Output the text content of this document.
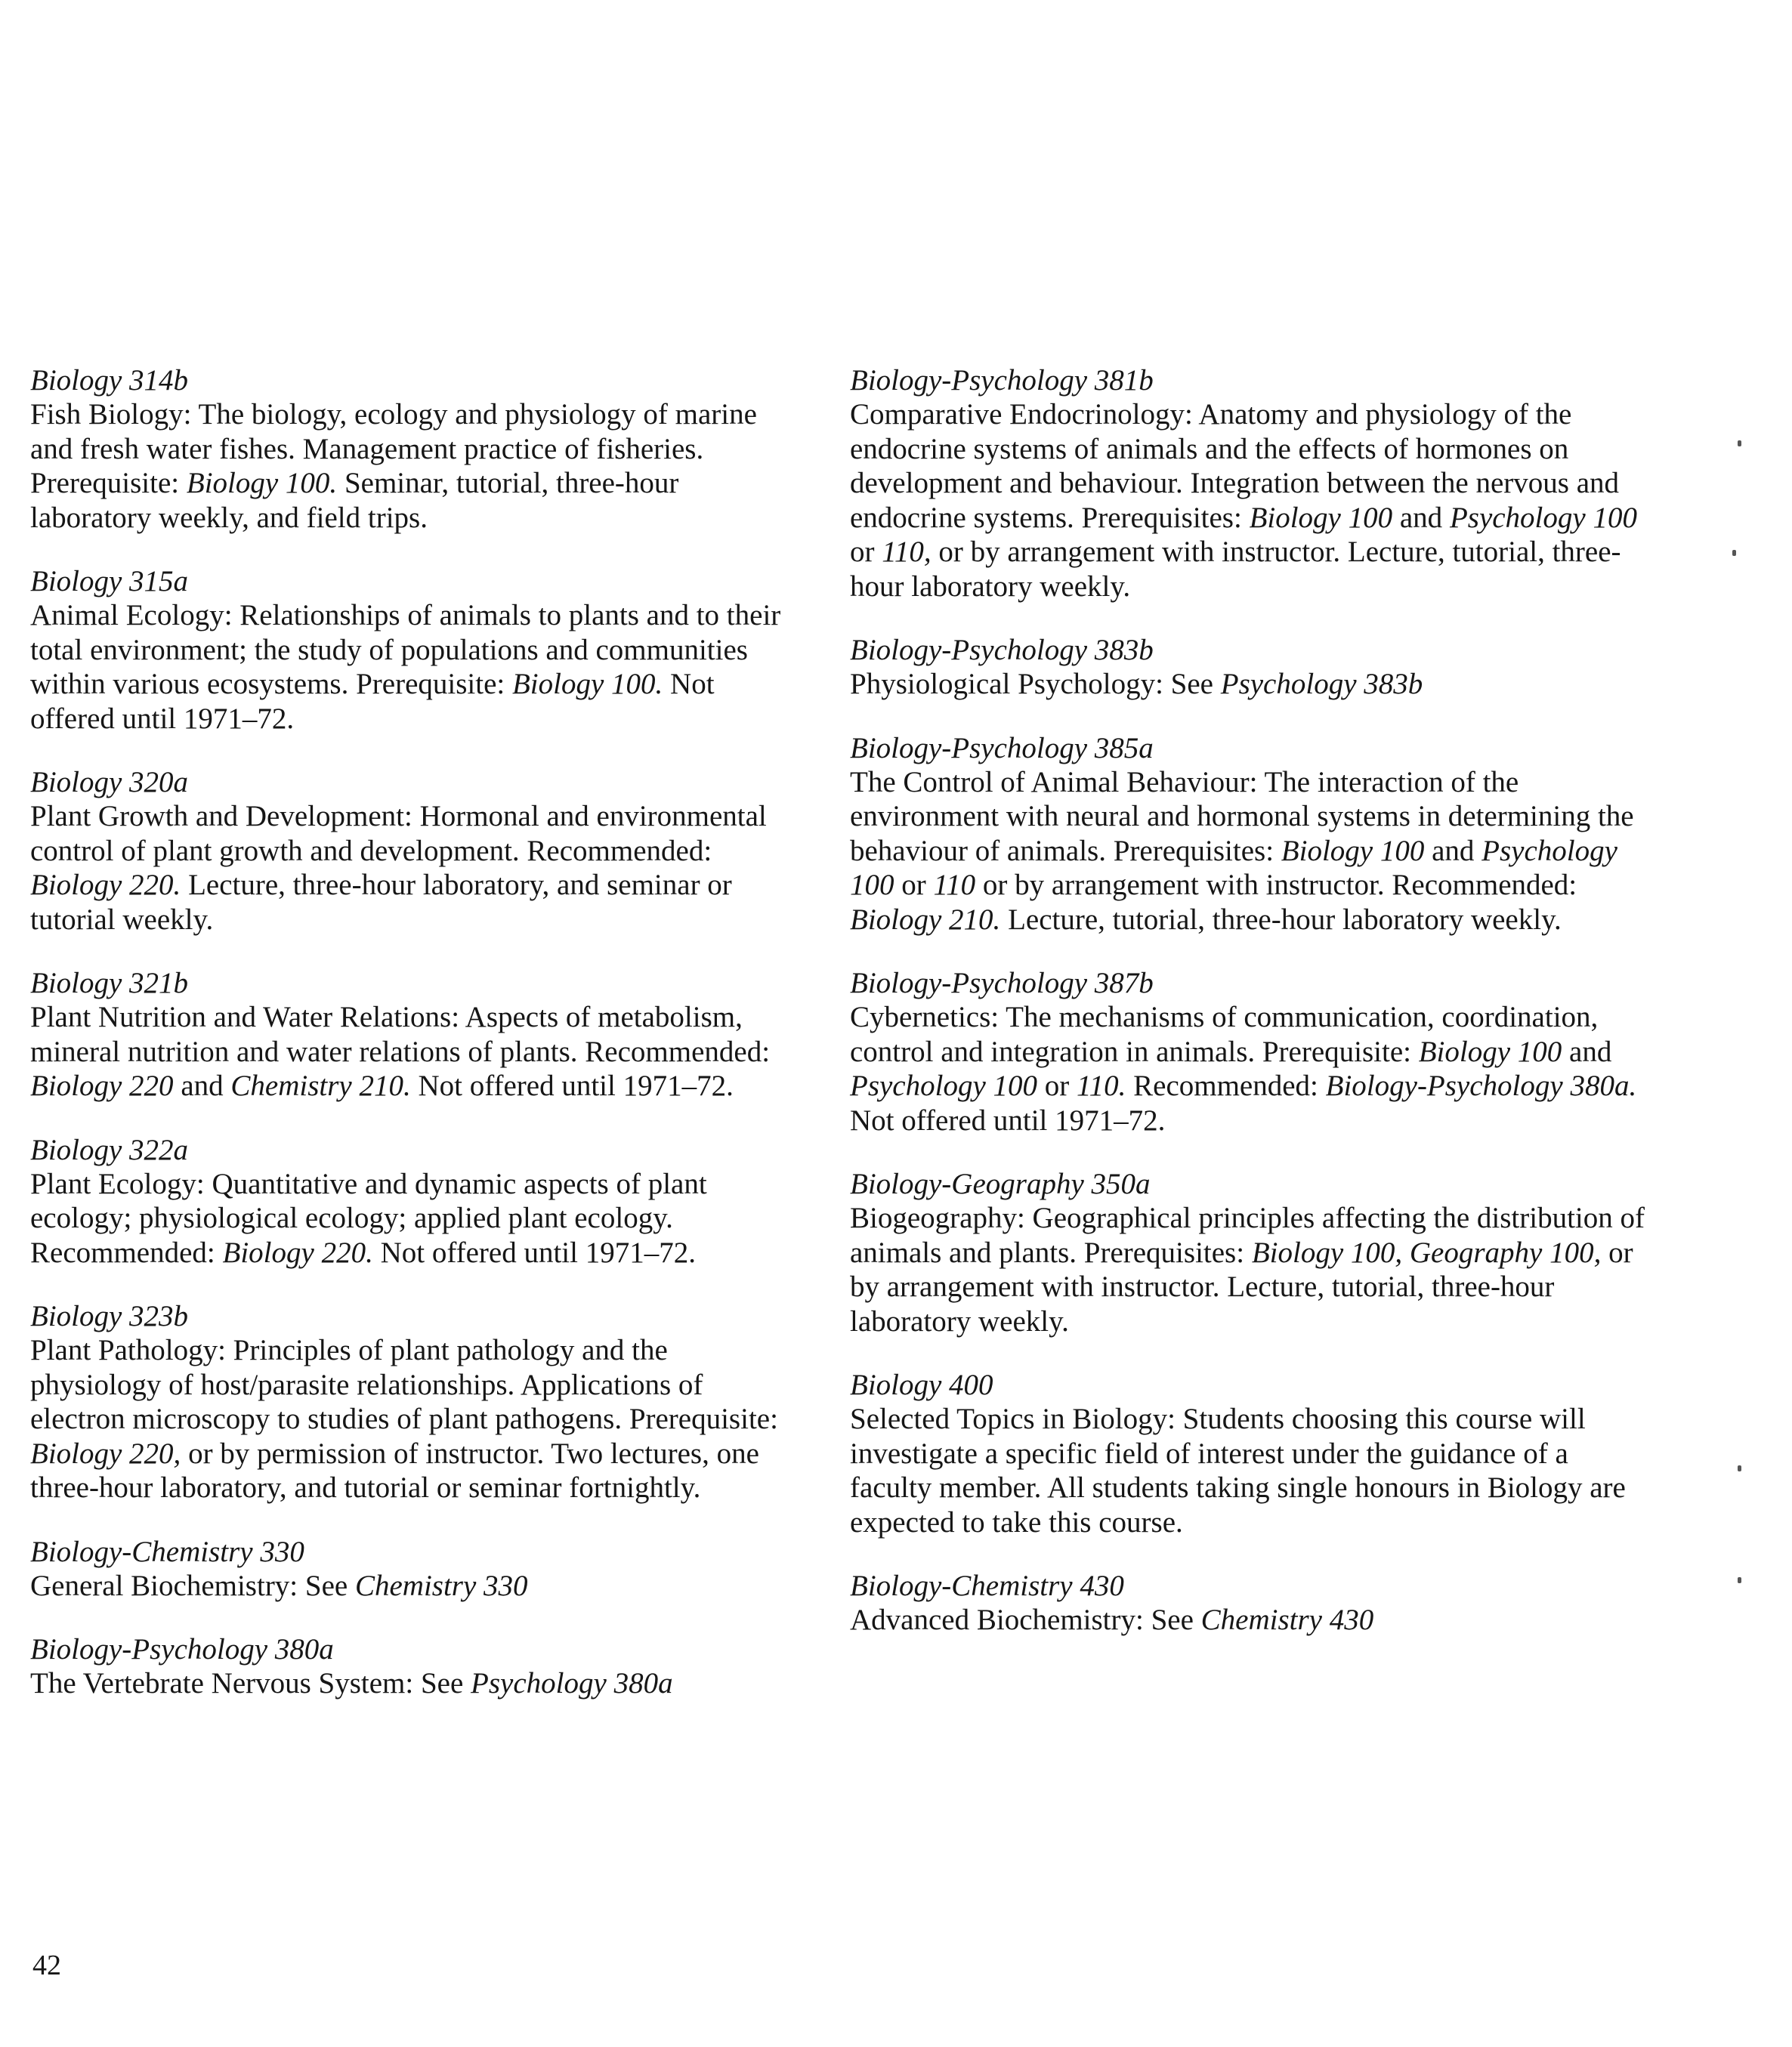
Biology 314b

Fish Biology: The biology, ecology and physiology of marine and fresh water fishes. Management practice of fisheries. Prerequisite: Biology 100. Seminar, tutorial, three-hour laboratory weekly, and field trips.

Biology 315a

Animal Ecology: Relationships of animals to plants and to their total environment; the study of populations and communities within various ecosystems. Prerequisite: Biology 100. Not offered until 1971–72.

Biology 320a

Plant Growth and Development: Hormonal and environmental control of plant growth and development. Recommended: Biology 220. Lecture, three-hour laboratory, and seminar or tutorial weekly.

Biology 321b

Plant Nutrition and Water Relations: Aspects of metabolism, mineral nutrition and water relations of plants. Recommended: Biology 220 and Chemistry 210. Not offered until 1971–72.

Biology 322a

Plant Ecology: Quantitative and dynamic aspects of plant ecology; physiological ecology; applied plant ecology. Recommended: Biology 220. Not offered until 1971–72.

Biology 323b

Plant Pathology: Principles of plant pathology and the physiology of host/parasite relationships. Applications of electron microscopy to studies of plant pathogens. Prerequisite: Biology 220, or by permission of instructor. Two lectures, one three-hour laboratory, and tutorial or seminar fortnightly.

Biology-Chemistry 330

General Biochemistry: See Chemistry 330

Biology-Psychology 380a

The Vertebrate Nervous System: See Psychology 380a

Biology-Psychology 381b

Comparative Endocrinology: Anatomy and physiology of the endocrine systems of animals and the effects of hormones on development and behaviour. Integration between the nervous and endocrine systems. Prerequisites: Biology 100 and Psychology 100 or 110, or by arrangement with instructor. Lecture, tutorial, three-hour laboratory weekly.

Biology-Psychology 383b

Physiological Psychology: See Psychology 383b

Biology-Psychology 385a

The Control of Animal Behaviour: The interaction of the environment with neural and hormonal systems in determining the behaviour of animals. Prerequisites: Biology 100 and Psychology 100 or 110 or by arrangement with instructor. Recommended: Biology 210. Lecture, tutorial, three-hour laboratory weekly.

Biology-Psychology 387b

Cybernetics: The mechanisms of communication, coordination, control and integration in animals. Prerequisite: Biology 100 and Psychology 100 or 110. Recommended: Biology-Psychology 380a. Not offered until 1971–72.

Biology-Geography 350a

Biogeography: Geographical principles affecting the distribution of animals and plants. Prerequisites: Biology 100, Geography 100, or by arrangement with instructor. Lecture, tutorial, three-hour laboratory weekly.

Biology 400

Selected Topics in Biology: Students choosing this course will investigate a specific field of interest under the guidance of a faculty member. All students taking single honours in Biology are expected to take this course.

Biology-Chemistry 430

Advanced Biochemistry: See Chemistry 430

42
